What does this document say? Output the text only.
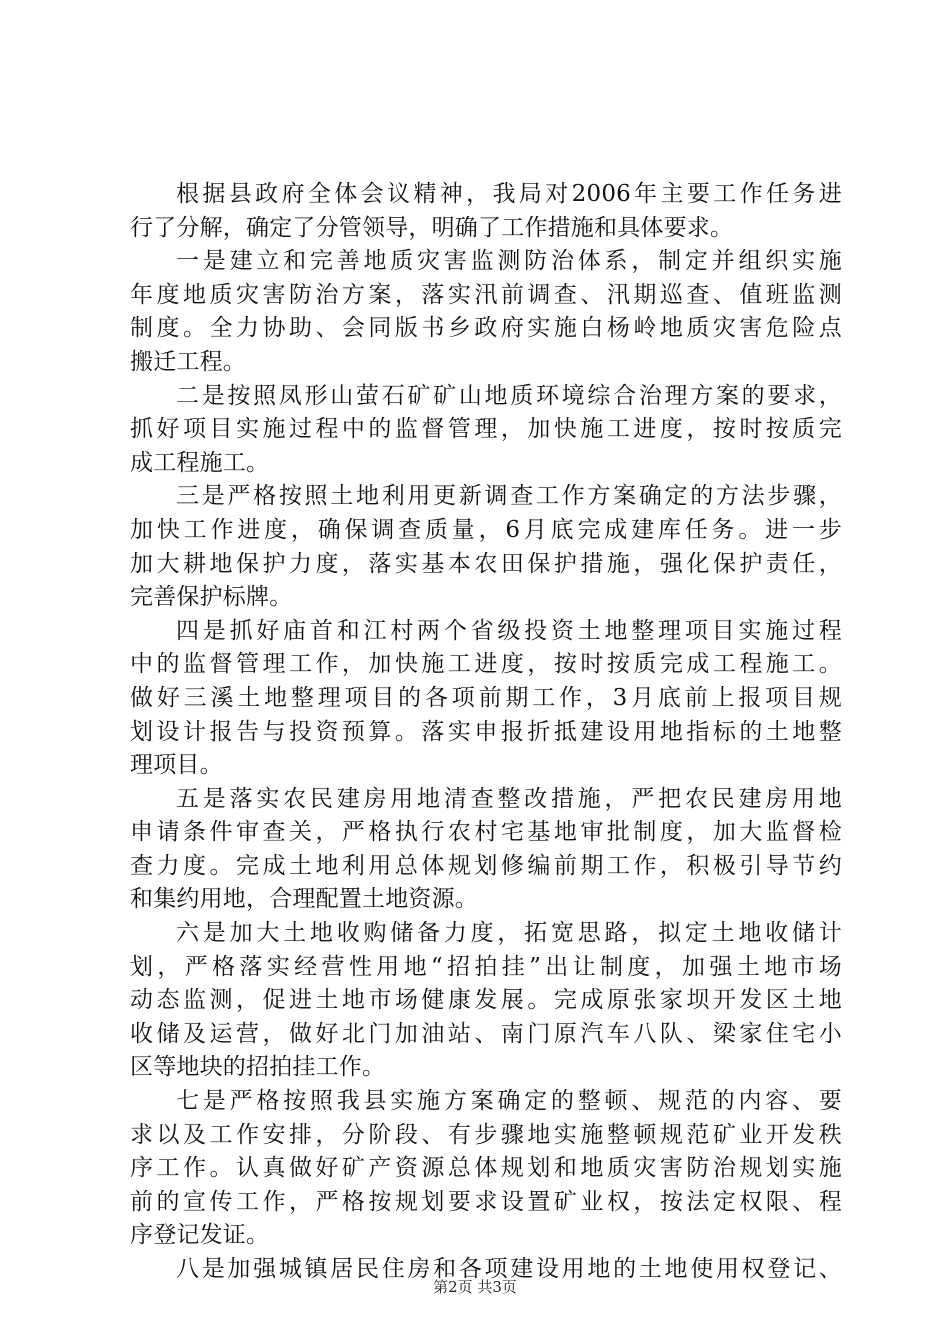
根据县政府全体会议精神，我局对2006年主要工作任务进
行了分解，确定了分管领导，明确了工作措施和具体要求。
一是建立和完善地质灾害监测防治体系，制定并组织实施
年度地质灾害防治方案，落实汛前调查、汛期巡查、值班监测
制度。全力协助、会同版书乡政府实施白杨岭地质灾害危险点
搬迁工程。
二是按照凤形山萤石矿矿山地质环境综合治理方案的要求，
抓好项目实施过程中的监督管理，加快施工进度，按时按质完
成工程施工。
三是严格按照土地利用更新调查工作方案确定的方法步骤，
加快工作进度，确保调查质量，6月底完成建库任务。进一步
加大耕地保护力度，落实基本农田保护措施，强化保护责任，
完善保护标牌。
四是抓好庙首和江村两个省级投资土地整理项目实施过程
中的监督管理工作，加快施工进度，按时按质完成工程施工。
做好三溪土地整理项目的各项前期工作，3月底前上报项目规
划设计报告与投资预算。落实申报折抵建设用地指标的土地整
理项目。
五是落实农民建房用地清查整改措施，严把农民建房用地
申请条件审查关，严格执行农村宅基地审批制度，加大监督检
查力度。完成土地利用总体规划修编前期工作，积极引导节约
和集约用地，合理配置土地资源。
六是加大土地收购储备力度，拓宽思路，拟定土地收储计
划，严格落实经营性用地“招拍挂”出让制度，加强土地市场
动态监测，促进土地市场健康发展。完成原张家坝开发区土地
收储及运营，做好北门加油站、南门原汽车八队、梁家住宅小
区等地块的招拍挂工作。
七是严格按照我县实施方案确定的整顿、规范的内容、要
求以及工作安排，分阶段、有步骤地实施整顿规范矿业开发秩
序工作。认真做好矿产资源总体规划和地质灾害防治规划实施
前的宣传工作，严格按规划要求设置矿业权，按法定权限、程
序登记发证。
八是加强城镇居民住房和各项建设用地的土地使用权登记、
第2页 共3页
